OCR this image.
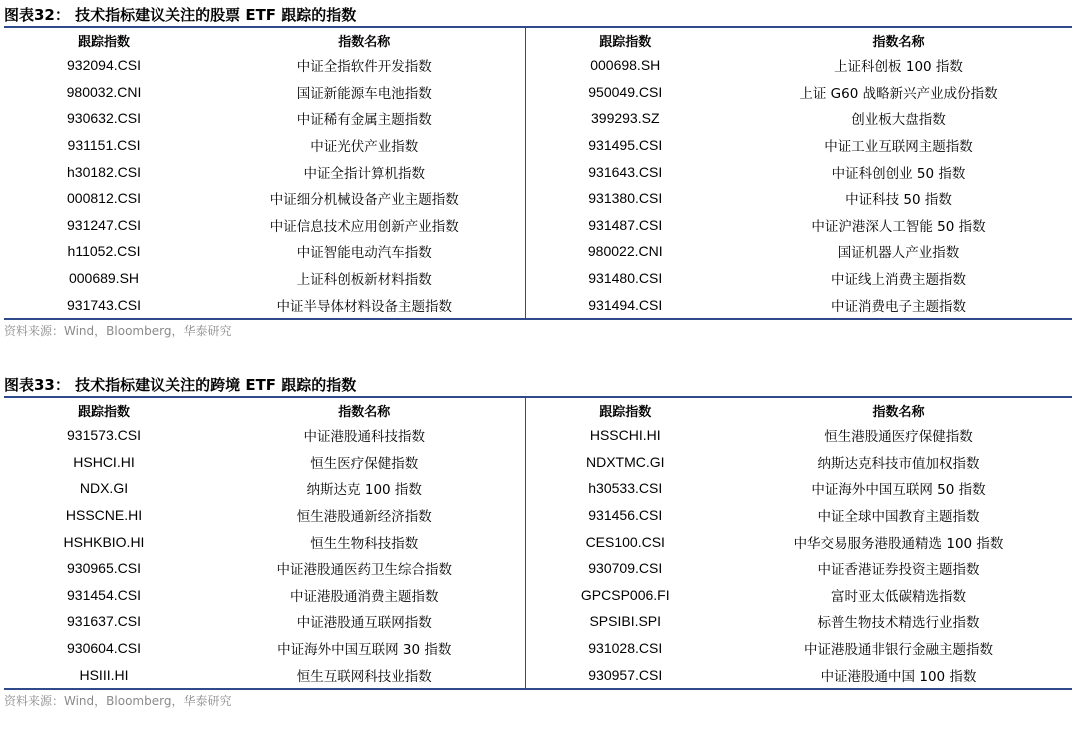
图表32： 技术指标建议关注的股票 ETF 跟踪的指数
跟踪指数	指数名称	跟踪指数	指数名称
932094.CSI	中证全指软件开发指数	000698.SH	上证科创板 100 指数
980032.CNI	国证新能源车电池指数	950049.CSI	上证 G60 战略新兴产业成份指数
930632.CSI	中证稀有金属主题指数	399293.SZ	创业板大盘指数
931151.CSI	中证光伏产业指数	931495.CSI	中证工业互联网主题指数
h30182.CSI	中证全指计算机指数	931643.CSI	中证科创创业 50 指数
000812.CSI	中证细分机械设备产业主题指数	931380.CSI	中证科技 50 指数
931247.CSI	中证信息技术应用创新产业指数	931487.CSI	中证沪港深人工智能 50 指数
h11052.CSI	中证智能电动汽车指数	980022.CNI	国证机器人产业指数
000689.SH	上证科创板新材料指数	931480.CSI	中证线上消费主题指数
931743.CSI	中证半导体材料设备主题指数	931494.CSI	中证消费电子主题指数
资料来源：Wind，Bloomberg，华泰研究
图表33： 技术指标建议关注的跨境 ETF 跟踪的指数
跟踪指数	指数名称	跟踪指数	指数名称
931573.CSI	中证港股通科技指数	HSSCHI.HI	恒生港股通医疗保健指数
HSHCI.HI	恒生医疗保健指数	NDXTMC.GI	纳斯达克科技市值加权指数
NDX.GI	纳斯达克 100 指数	h30533.CSI	中证海外中国互联网 50 指数
HSSCNE.HI	恒生港股通新经济指数	931456.CSI	中证全球中国教育主题指数
HSHKBIO.HI	恒生生物科技指数	CES100.CSI	中华交易服务港股通精选 100 指数
930965.CSI	中证港股通医药卫生综合指数	930709.CSI	中证香港证券投资主题指数
931454.CSI	中证港股通消费主题指数	GPCSP006.FI	富时亚太低碳精选指数
931637.CSI	中证港股通互联网指数	SPSIBI.SPI	标普生物技术精选行业指数
930604.CSI	中证海外中国互联网 30 指数	931028.CSI	中证港股通非银行金融主题指数
HSIII.HI	恒生互联网科技业指数	930957.CSI	中证港股通中国 100 指数
资料来源：Wind，Bloomberg，华泰研究
